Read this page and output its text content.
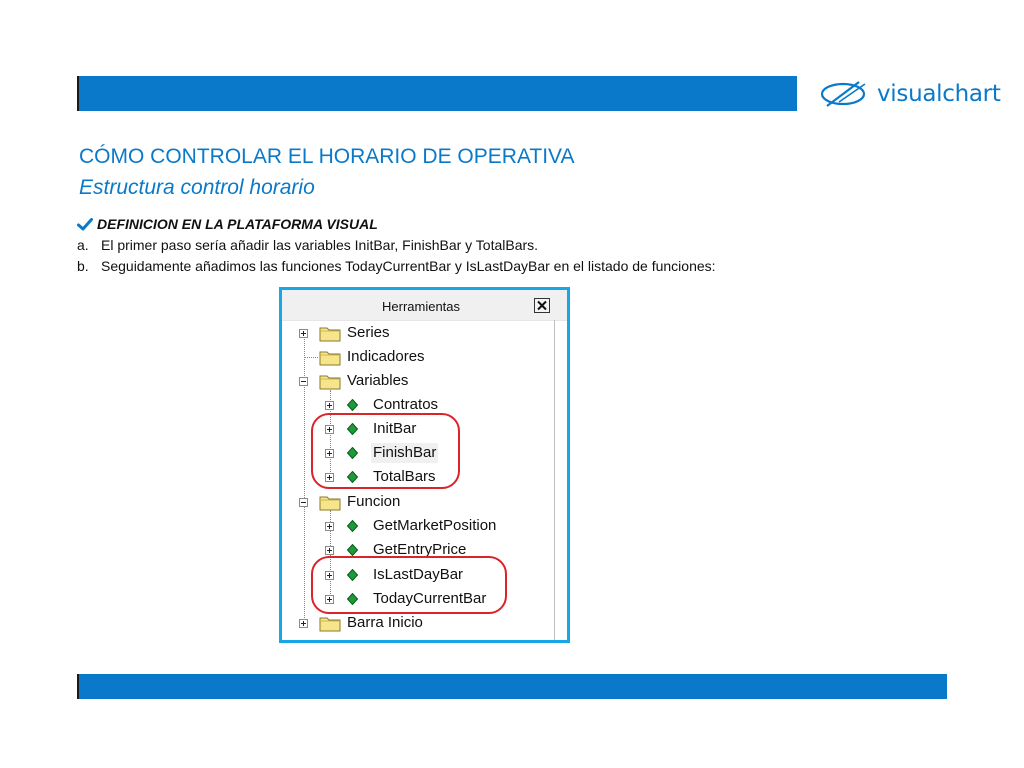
visualchart
CÓMO CONTROLAR EL HORARIO DE OPERATIVA
Estructura control horario
DEFINICION EN LA PLATAFORMA VISUAL
a. El primer paso sería añadir las variables InitBar, FinishBar y TotalBars.
b. Seguidamente añadimos las funciones TodayCurrentBar y IsLastDayBar en el listado de funciones:
Herramientas
Series
Indicadores
Variables
Contratos
InitBar
FinishBar
TotalBars
Funcion
GetMarketPosition
GetEntryPrice
IsLastDayBar
TodayCurrentBar
Barra Inicio
